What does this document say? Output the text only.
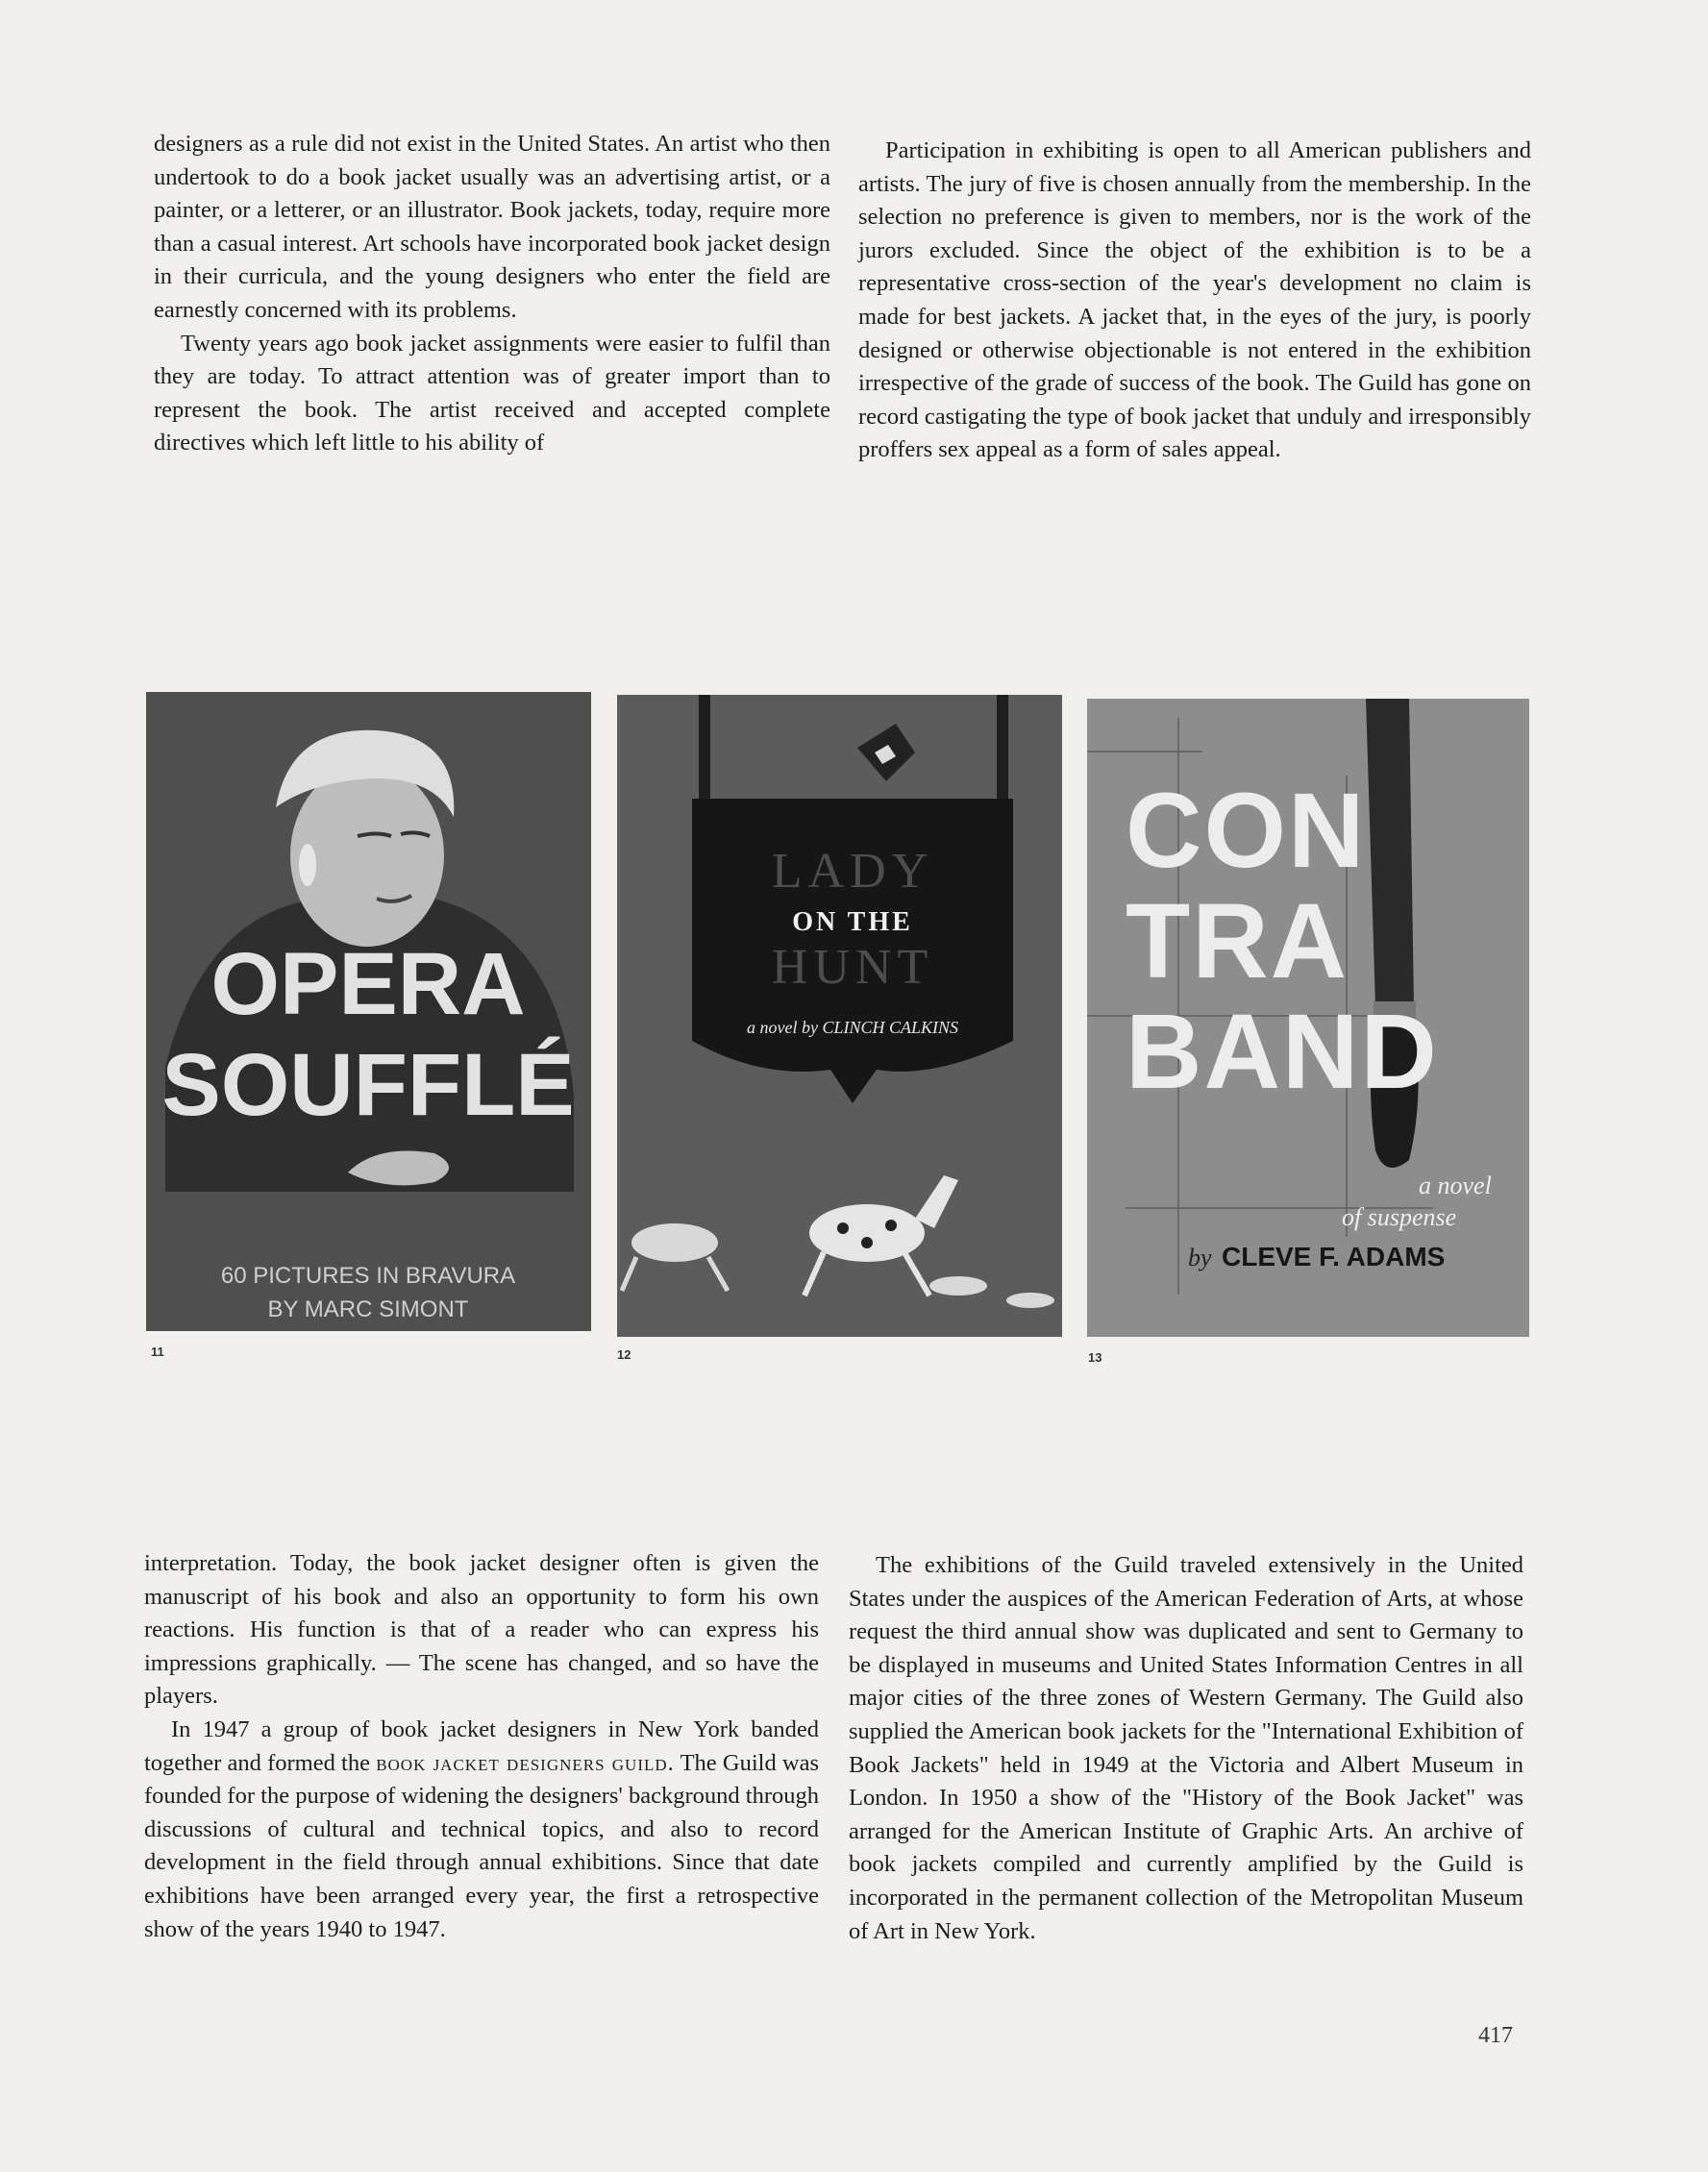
designers as a rule did not exist in the United States. An artist who then undertook to do a book jacket usually was an advertising artist, or a painter, or a letterer, or an illustrator. Book jackets, today, require more than a casual interest. Art schools have incorporated book jacket design in their curricula, and the young designers who enter the field are earnestly concerned with its problems.

Twenty years ago book jacket assignments were easier to fulfil than they are today. To attract attention was of greater import than to represent the book. The artist received and accepted complete directives which left little to his ability of

Participation in exhibiting is open to all American publishers and artists. The jury of five is chosen annually from the membership. In the selection no preference is given to members, nor is the work of the jurors excluded. Since the object of the exhibition is to be a representative cross-section of the year's development no claim is made for best jackets. A jacket that, in the eyes of the jury, is poorly designed or otherwise objectionable is not entered in the exhibition irrespective of the grade of success of the book. The Guild has gone on record castigating the type of book jacket that unduly and irresponsibly proffers sex appeal as a form of sales appeal.

OPERA
SOUFFLÉ
60 PICTURES IN BRAVURA
BY MARC SIMONT
11
LADY
ON THE
HUNT
a novel by CLINCH CALKINS
12
CON
TRA
BAND
a novel
of suspense
by CLEVE F. ADAMS
13

interpretation. Today, the book jacket designer often is given the manuscript of his book and also an opportunity to form his own reactions. His function is that of a reader who can express his impressions graphically. — The scene has changed, and so have the players.

In 1947 a group of book jacket designers in New York banded together and formed the book jacket designers guild. The Guild was founded for the purpose of widening the designers' background through discussions of cultural and technical topics, and also to record development in the field through annual exhibitions. Since that date exhibitions have been arranged every year, the first a retrospective show of the years 1940 to 1947.

The exhibitions of the Guild traveled extensively in the United States under the auspices of the American Federation of Arts, at whose request the third annual show was duplicated and sent to Germany to be displayed in museums and United States Information Centres in all major cities of the three zones of Western Germany. The Guild also supplied the American book jackets for the "International Exhibition of Book Jackets" held in 1949 at the Victoria and Albert Museum in London. In 1950 a show of the "History of the Book Jacket" was arranged for the American Institute of Graphic Arts. An archive of book jackets compiled and currently amplified by the Guild is incorporated in the permanent collection of the Metropolitan Museum of Art in New York.

417
